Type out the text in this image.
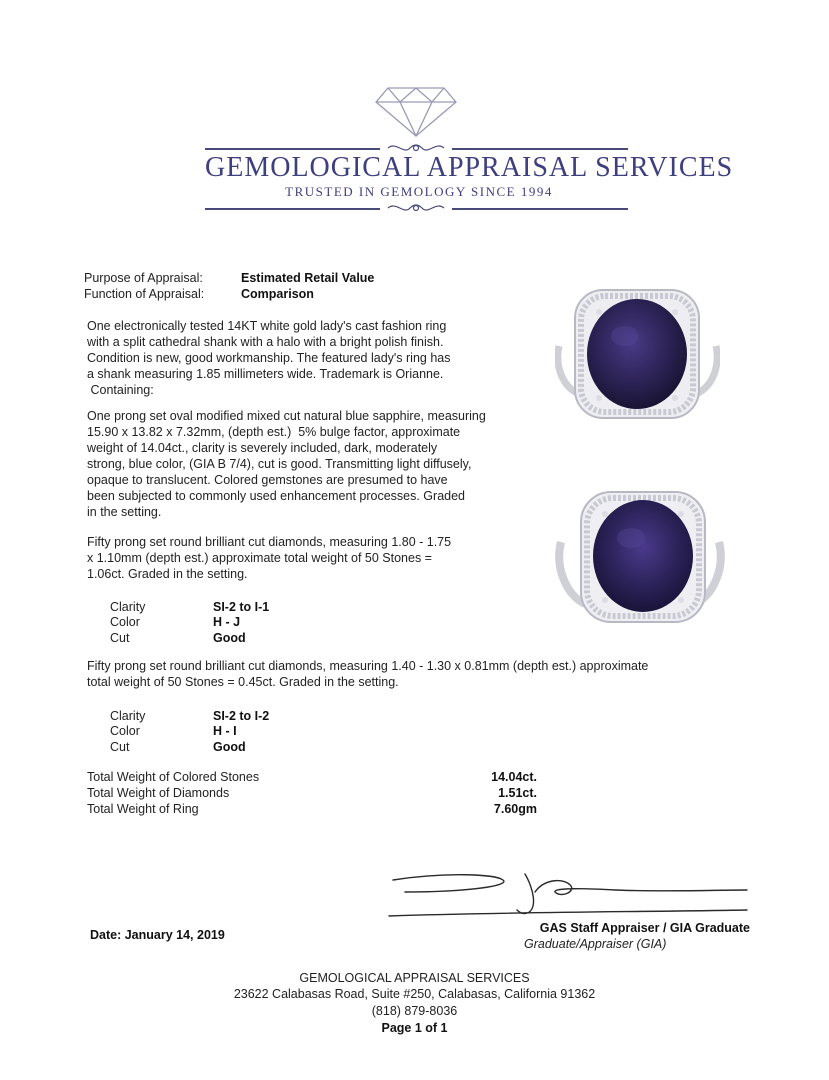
GEMOLOGICAL APPRAISAL SERVICES
TRUSTED IN GEMOLOGY SINCE 1994
Purpose of Appraisal:	Estimated Retail Value
Function of Appraisal:	Comparison
One electronically tested 14KT white gold lady's cast fashion ring
with a split cathedral shank with a halo with a bright polish finish.
Condition is new, good workmanship. The featured lady's ring has
a shank measuring 1.85 millimeters wide. Trademark is Orianne.
Containing:
One prong set oval modified mixed cut natural blue sapphire, measuring
15.90 x 13.82 x 7.32mm, (depth est.)  5% bulge factor, approximate
weight of 14.04ct., clarity is severely included, dark, moderately
strong, blue color, (GIA B 7/4), cut is good. Transmitting light diffusely,
opaque to translucent. Colored gemstones are presumed to have
been subjected to commonly used enhancement processes. Graded
in the setting.
Fifty prong set round brilliant cut diamonds, measuring 1.80 - 1.75
x 1.10mm (depth est.) approximate total weight of 50 Stones =
1.06ct. Graded in the setting.
Clarity	SI-2 to I-1
Color	H - J
Cut	Good
Fifty prong set round brilliant cut diamonds, measuring 1.40 - 1.30 x 0.81mm (depth est.) approximate
total weight of 50 Stones = 0.45ct. Graded in the setting.
Clarity	SI-2 to I-2
Color	H - I
Cut	Good
Total Weight of Colored Stones	14.04ct.
Total Weight of Diamonds	1.51ct.
Total Weight of Ring	7.60gm
Date: January 14, 2019	GAS Staff Appraiser / GIA Graduate
Graduate/Appraiser (GIA)
GEMOLOGICAL APPRAISAL SERVICES
23622 Calabasas Road, Suite #250, Calabasas, California 91362
(818) 879-8036
Page 1 of 1
